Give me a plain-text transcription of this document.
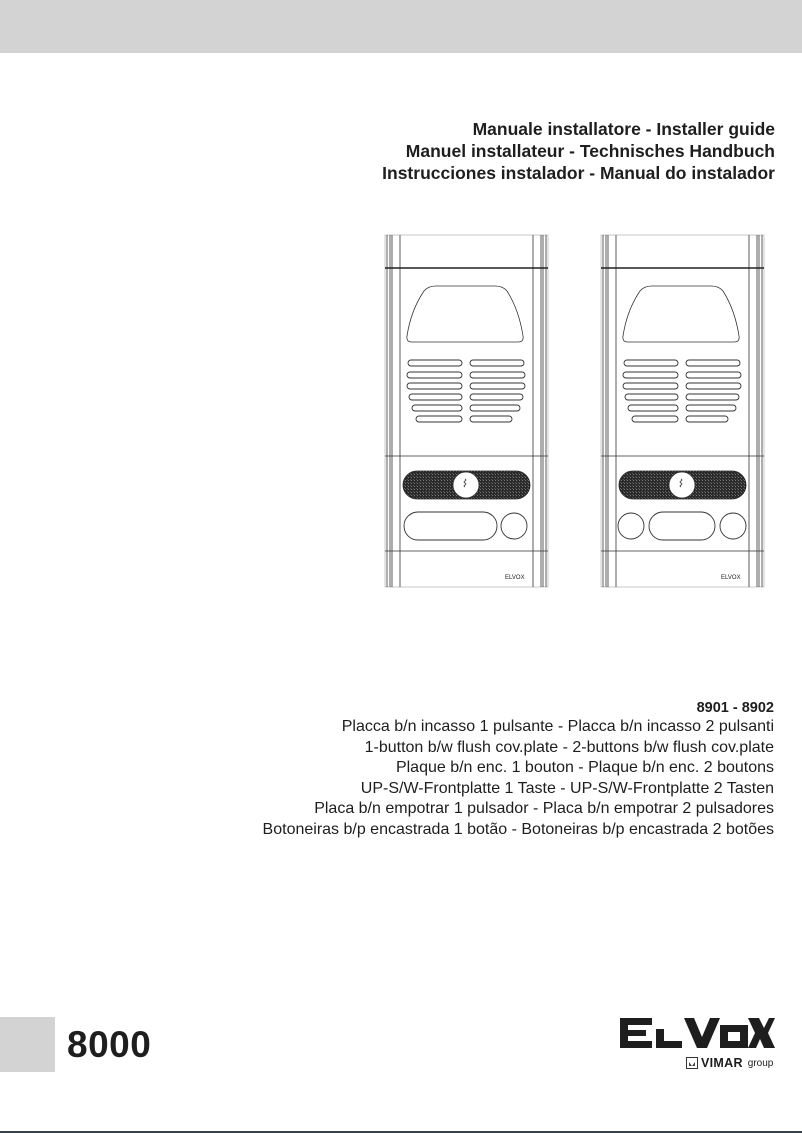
Manuale installatore - Installer guide
Manuel installateur - Technisches Handbuch
Instrucciones instalador - Manual do instalador
ELVOX	ELVOX
8901 - 8902
Placca b/n incasso 1 pulsante - Placca b/n incasso 2 pulsanti
1-button b/w flush cov.plate - 2-buttons b/w flush cov.plate
Plaque b/n enc. 1 bouton - Plaque b/n enc. 2 boutons
UP-S/W-Frontplatte 1 Taste - UP-S/W-Frontplatte 2 Tasten
Placa b/n empotrar 1 pulsador - Placa b/n empotrar 2 pulsadores
Botoneiras b/p encastrada 1 botão - Botoneiras b/p encastrada 2 botões
8000	VIMAR group
